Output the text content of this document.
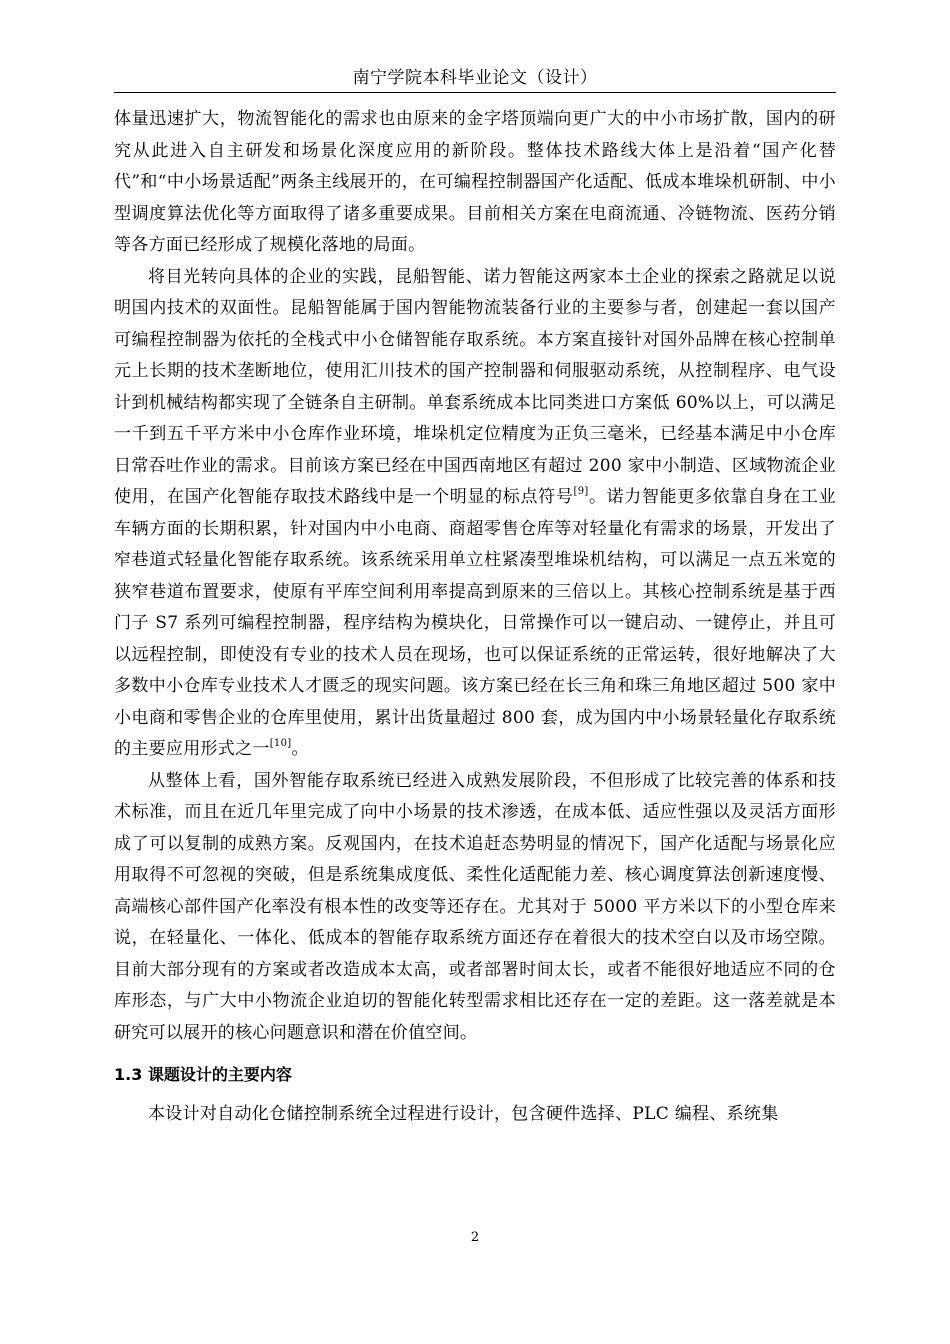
南宁学院本科毕业论文（设计）

体量迅速扩大，物流智能化的需求也由原来的金字塔顶端向更广大的中小市场扩散，国内的研究从此进入自主研发和场景化深度应用的新阶段。整体技术路线大体上是沿着“国产化替代”和“中小场景适配”两条主线展开的，在可编程控制器国产化适配、低成本堆垛机研制、中小型调度算法优化等方面取得了诸多重要成果。目前相关方案在电商流通、冷链物流、医药分销等各方面已经形成了规模化落地的局面。

将目光转向具体的企业的实践，昆船智能、诺力智能这两家本土企业的探索之路就足以说明国内技术的双面性。昆船智能属于国内智能物流装备行业的主要参与者，创建起一套以国产可编程控制器为依托的全栈式中小仓储智能存取系统。本方案直接针对国外品牌在核心控制单元上长期的技术垄断地位，使用汇川技术的国产控制器和伺服驱动系统，从控制程序、电气设计到机械结构都实现了全链条自主研制。单套系统成本比同类进口方案低 60%以上，可以满足一千到五千平方米中小仓库作业环境，堆垛机定位精度为正负三毫米，已经基本满足中小仓库日常吞吐作业的需求。目前该方案已经在中国西南地区有超过 200 家中小制造、区域物流企业使用，在国产化智能存取技术路线中是一个明显的标点符号[9]。诺力智能更多依靠自身在工业车辆方面的长期积累，针对国内中小电商、商超零售仓库等对轻量化有需求的场景，开发出了窄巷道式轻量化智能存取系统。该系统采用单立柱紧凑型堆垛机结构，可以满足一点五米宽的狭窄巷道布置要求，使原有平库空间利用率提高到原来的三倍以上。其核心控制系统是基于西门子 S7 系列可编程控制器，程序结构为模块化，日常操作可以一键启动、一键停止，并且可以远程控制，即使没有专业的技术人员在现场，也可以保证系统的正常运转，很好地解决了大多数中小仓库专业技术人才匮乏的现实问题。该方案已经在长三角和珠三角地区超过 500 家中小电商和零售企业的仓库里使用，累计出货量超过 800 套，成为国内中小场景轻量化存取系统的主要应用形式之一[10]。

从整体上看，国外智能存取系统已经进入成熟发展阶段，不但形成了比较完善的体系和技术标准，而且在近几年里完成了向中小场景的技术渗透，在成本低、适应性强以及灵活方面形成了可以复制的成熟方案。反观国内，在技术追赶态势明显的情况下，国产化适配与场景化应用取得不可忽视的突破，但是系统集成度低、柔性化适配能力差、核心调度算法创新速度慢、高端核心部件国产化率没有根本性的改变等还存在。尤其对于 5000 平方米以下的小型仓库来说，在轻量化、一体化、低成本的智能存取系统方面还存在着很大的技术空白以及市场空隙。目前大部分现有的方案或者改造成本太高，或者部署时间太长，或者不能很好地适应不同的仓库形态，与广大中小物流企业迫切的智能化转型需求相比还存在一定的差距。这一落差就是本研究可以展开的核心问题意识和潜在价值空间。

1.3 课题设计的主要内容

本设计对自动化仓储控制系统全过程进行设计，包含硬件选择、PLC 编程、系统集

2
